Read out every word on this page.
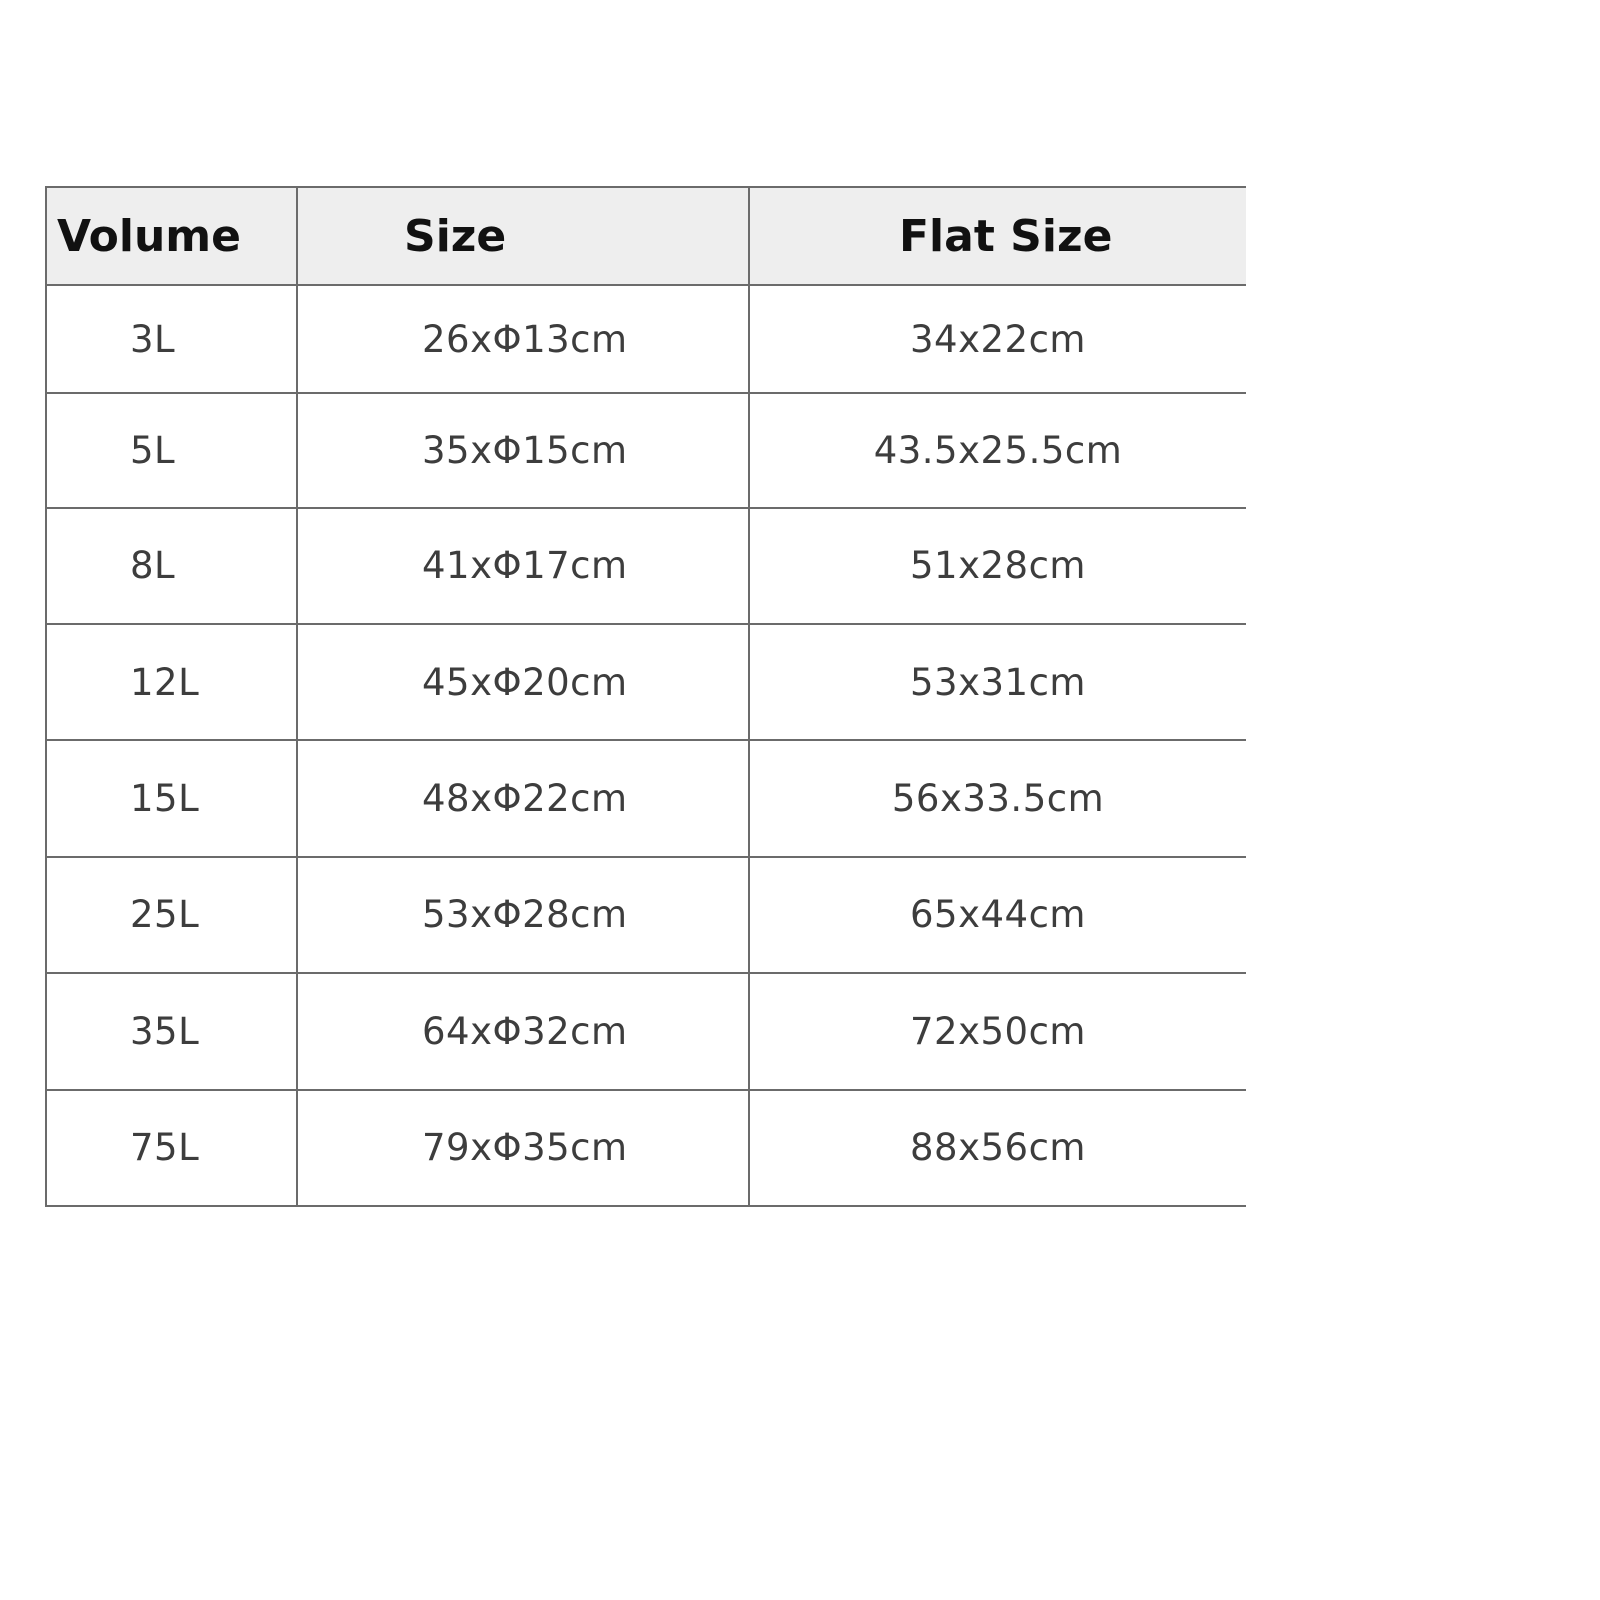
Volume	Size	Flat Size
3L	26xΦ13cm	34x22cm
5L	35xΦ15cm	43.5x25.5cm
8L	41xΦ17cm	51x28cm
12L	45xΦ20cm	53x31cm
15L	48xΦ22cm	56x33.5cm
25L	53xΦ28cm	65x44cm
35L	64xΦ32cm	72x50cm
75L	79xΦ35cm	88x56cm
